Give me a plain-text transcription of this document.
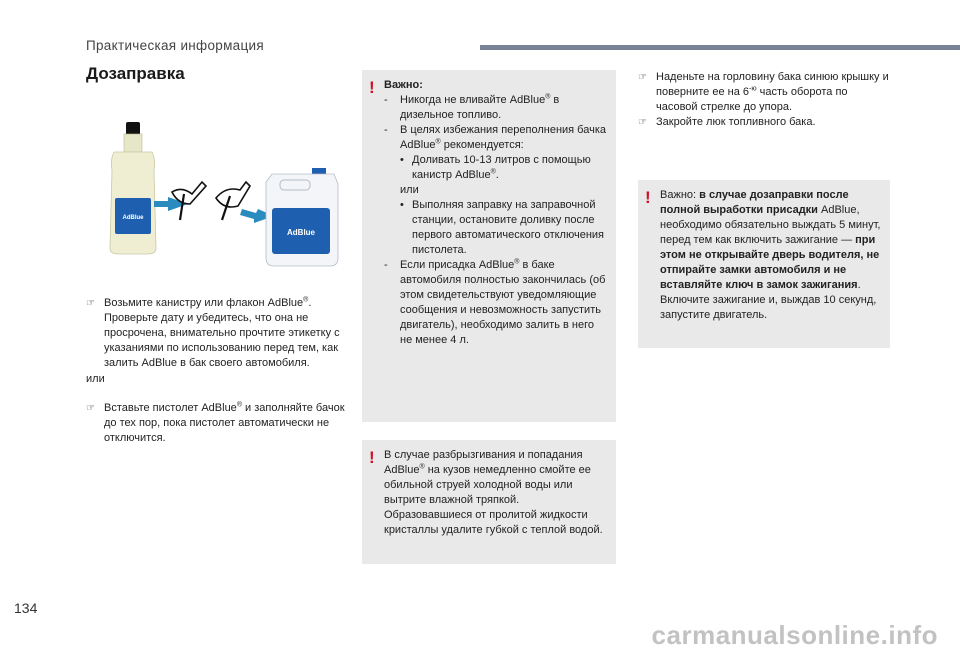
Практическая информация
Дозаправка
AdBlue
AdBlue
☞ Возьмите канистру или флакон AdBlue®. Проверьте дату и убедитесь, что она не просрочена, внимательно прочтите этикетку с указаниями по использованию перед тем, как залить AdBlue в бак своего автомобиля.
или
☞ Вставьте пистолет AdBlue® и заполняйте бачок до тех пор, пока пистолет автоматически не отключится.
! Важно:
- Никогда не вливайте AdBlue® в дизельное топливо.
- В целях избежания переполнения бачка AdBlue® рекомендуется:
• Доливать 10-13 литров с помощью канистр AdBlue®.
или
• Выполняя заправку на заправочной станции, остановите доливку после первого автоматического отключения пистолета.
- Если присадка AdBlue® в баке автомобиля полностью закончилась (об этом свидетельствуют уведомляющие сообщения и невозможность запустить двигатель), необходимо залить в него не менее 4 л.
! В случае разбрызгивания и попадания AdBlue® на кузов немедленно смойте ее обильной струей холодной воды или вытрите влажной тряпкой.
Образовавшиеся от пролитой жидкости кристаллы удалите губкой с теплой водой.
☞ Наденьте на горловину бака синюю крышку и поверните ее на $6^{-ю}$ часть оборота по часовой стрелке до упора.
☞ Закройте люк топливного бака.
! Важно: в случае дозаправки после полной выработки присадки AdBlue, необходимо обязательно выждать 5 минут, перед тем как включить зажигание — при этом не открывайте дверь водителя, не отпирайте замки автомобиля и не вставляйте ключ в замок зажигания.
Включите зажигание и, выждав 10 секунд, запустите двигатель.
134
carmanualsonline.info
